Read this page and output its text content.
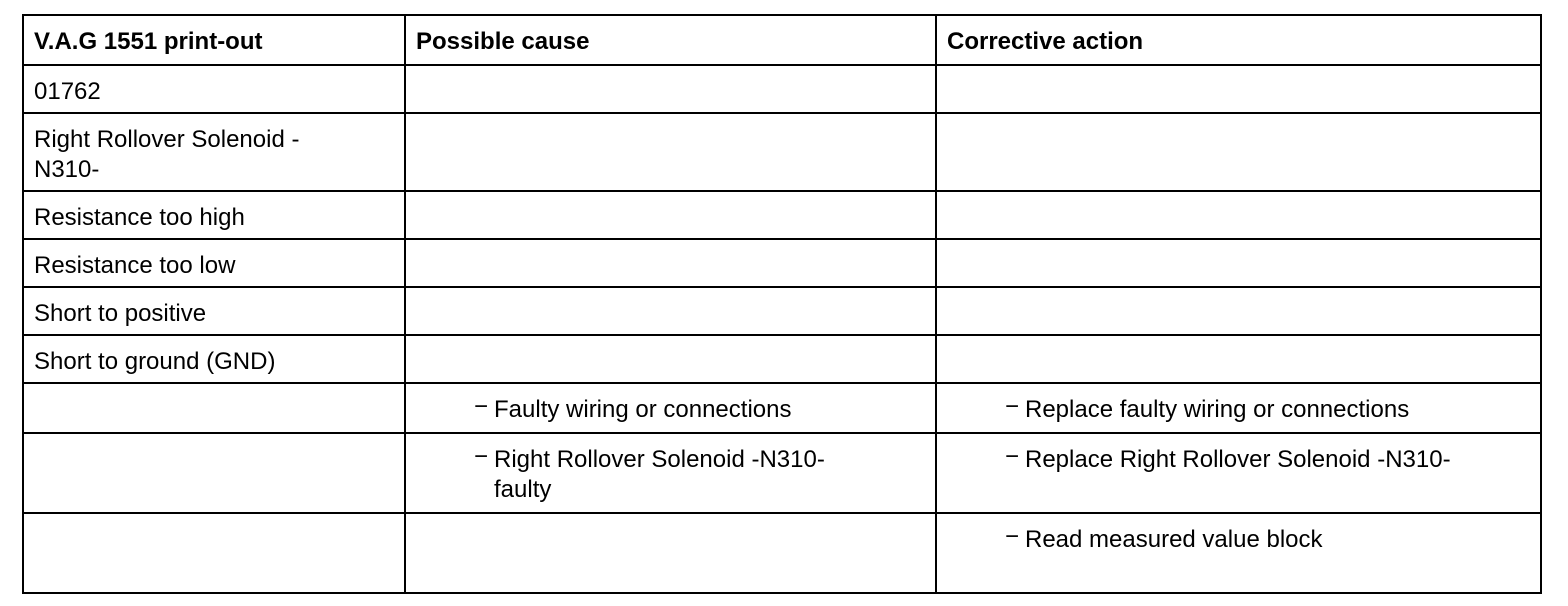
V.A.G 1551 print-out	Possible cause	Corrective action

01762		

Right Rollover Solenoid -N310-		

Resistance too high		

Resistance too low		

Short to positive		

Short to ground (GND)		

	− Faulty wiring or connections	− Replace faulty wiring or connections

	− Right Rollover Solenoid -N310- faulty	− Replace Right Rollover Solenoid -N310-

		− Read measured value block
